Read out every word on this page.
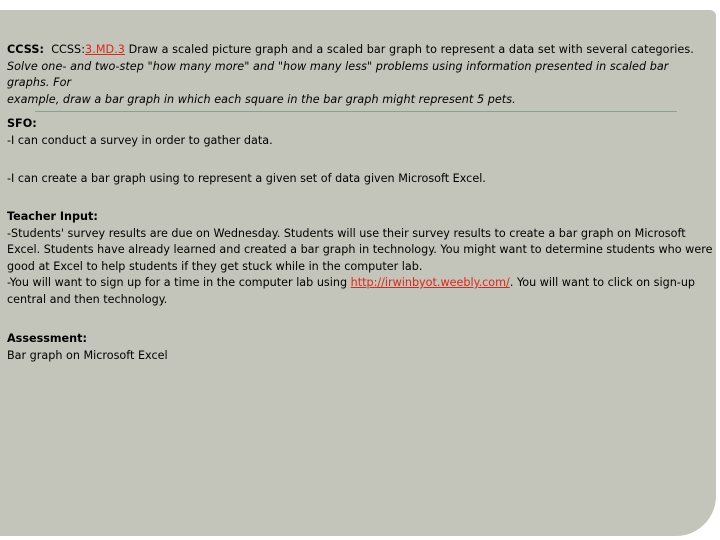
CCSS: CCSS:3.MD.3 Draw a scaled picture graph and a scaled bar graph to represent a data set with several categories.

Solve one- and two-step "how many more" and "how many less" problems using information presented in scaled bar graphs. For

example, draw a bar graph in which each square in the bar graph might represent 5 pets.

SFO:

-I can conduct a survey in order to gather data.

-I can create a bar graph using to represent a given set of data given Microsoft Excel.

Teacher Input:

-Students' survey results are due on Wednesday. Students will use their survey results to create a bar graph on Microsoft

Excel. Students have already learned and created a bar graph in technology. You might want to determine students who were

good at Excel to help students if they get stuck while in the computer lab.

-You will want to sign up for a time in the computer lab using http://irwinbyot.weebly.com/. You will want to click on sign-up

central and then technology.

Assessment:

Bar graph on Microsoft Excel
